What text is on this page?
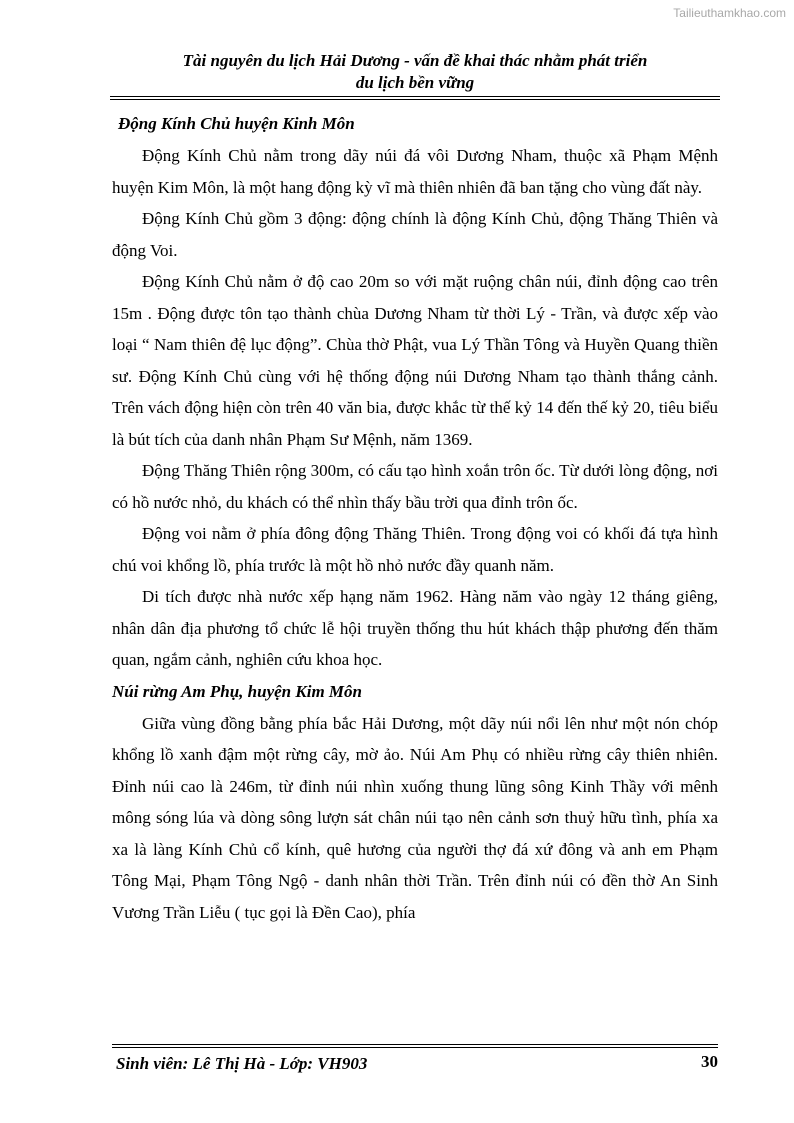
Tailieuthamkhao.com
Tài nguyên du lịch Hải Dương - vấn đề khai thác nhằm phát triển
du lịch bền vững

Động Kính Chủ huyện Kinh Môn

Động Kính Chủ nằm trong dãy núi đá vôi Dương Nham, thuộc xã Phạm Mệnh huyện Kim Môn, là một hang động kỳ vĩ mà thiên nhiên đã ban tặng cho vùng đất này.

Động Kính Chủ gồm 3 động: động chính là động Kính Chủ, động Thăng Thiên và động Voi.

Động Kính Chủ nằm ở độ cao 20m so với mặt ruộng chân núi, đỉnh động cao trên 15m . Động được tôn tạo thành chùa Dương Nham từ thời Lý - Trần, và được xếp vào loại “ Nam thiên đệ lục động”. Chùa thờ Phật, vua Lý Thần Tông và Huyền Quang thiền sư. Động Kính Chủ cùng với hệ thống động núi Dương Nham tạo thành thắng cảnh. Trên vách động hiện còn trên 40 văn bia, được khắc từ thế kỷ 14 đến thế kỷ 20, tiêu biểu là bút tích của danh nhân Phạm Sư Mệnh, năm 1369.

Động Thăng Thiên rộng 300m, có cấu tạo hình xoắn trôn ốc. Từ dưới lòng động, nơi có hồ nước nhỏ, du khách có thể nhìn thấy bầu trời qua đỉnh trôn ốc.

Động voi nằm ở phía đông động Thăng Thiên. Trong động voi có khối đá tựa hình chú voi khổng lồ, phía trước là một hồ nhỏ nước đầy quanh năm.

Di tích được nhà nước xếp hạng năm 1962. Hàng năm vào ngày 12 tháng giêng, nhân dân địa phương tổ chức lễ hội truyền thống thu hút khách thập phương đến thăm quan, ngắm cảnh, nghiên cứu khoa học.

Núi rừng Am Phụ, huyện Kim Môn

Giữa vùng đồng bằng phía bắc Hải Dương, một dãy núi nổi lên như một nón chóp khổng lồ xanh đậm một rừng cây, mờ ảo. Núi Am Phụ có nhiều rừng cây thiên nhiên. Đỉnh núi cao là 246m, từ đỉnh núi nhìn xuống thung lũng sông Kinh Thầy với mênh mông sóng lúa và dòng sông lượn sát chân núi tạo nên cảnh sơn thuỷ hữu tình, phía xa xa là làng Kính Chủ cổ kính, quê hương của người thợ đá xứ đông và anh em Phạm Tông Mại, Phạm Tông Ngộ - danh nhân thời Trần. Trên đỉnh núi có đền thờ An Sinh Vương Trần Liễu ( tục gọi là Đền Cao), phía

Sinh viên: Lê Thị Hà - Lớp: VH903	30
